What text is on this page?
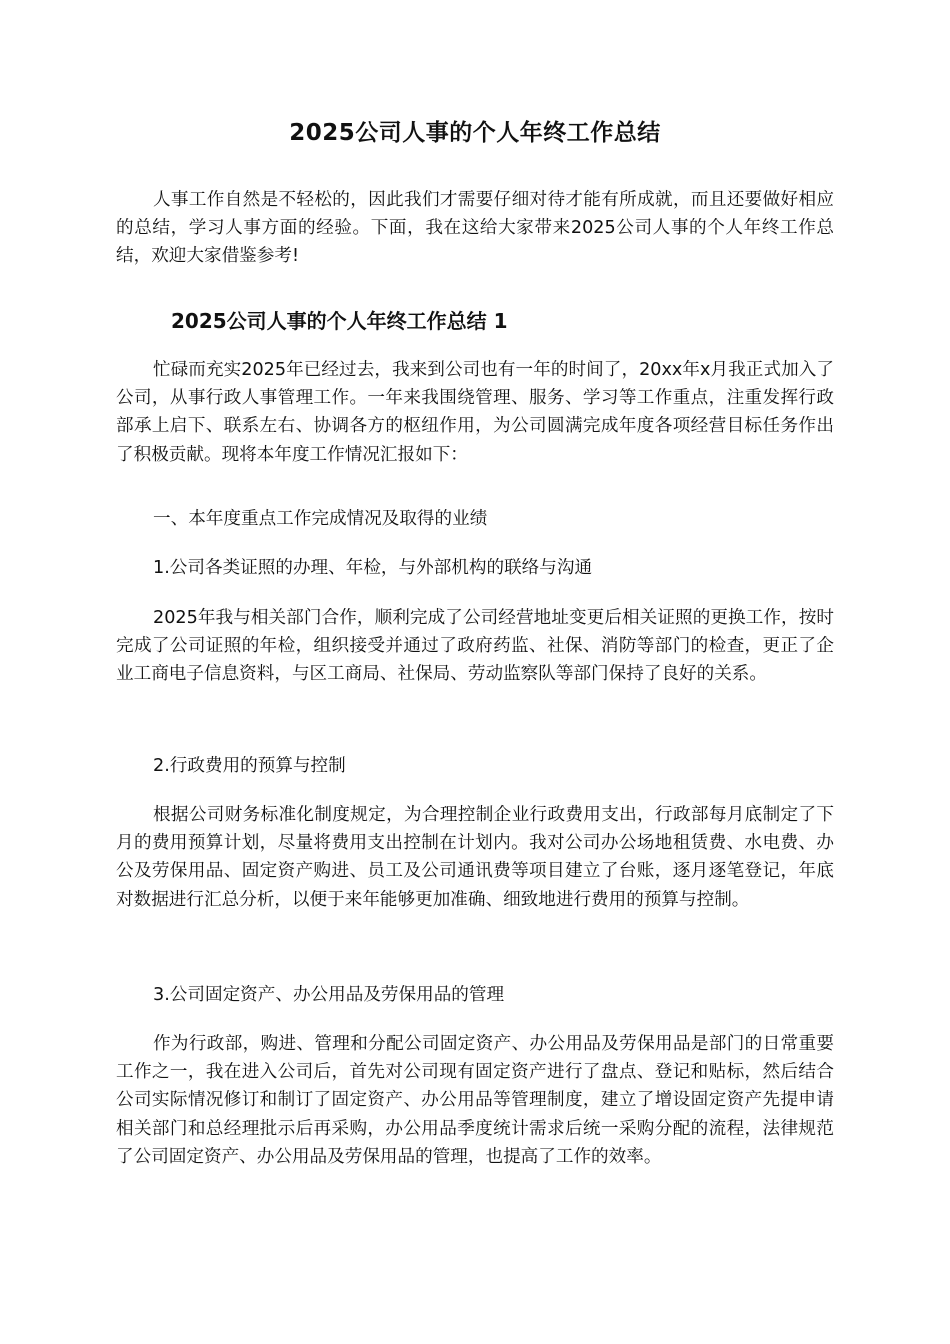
2025公司人事的个人年终工作总结

人事工作自然是不轻松的，因此我们才需要仔细对待才能有所成就，而且还要做好相应的总结，学习人事方面的经验。下面，我在这给大家带来2025公司人事的个人年终工作总结，欢迎大家借鉴参考!

2025公司人事的个人年终工作总结 1

忙碌而充实2025年已经过去，我来到公司也有一年的时间了，20xx年x月我正式加入了公司，从事行政人事管理工作。一年来我围绕管理、服务、学习等工作重点，注重发挥行政部承上启下、联系左右、协调各方的枢纽作用，为公司圆满完成年度各项经营目标任务作出了积极贡献。现将本年度工作情况汇报如下：

一、本年度重点工作完成情况及取得的业绩

1.公司各类证照的办理、年检，与外部机构的联络与沟通

2025年我与相关部门合作，顺利完成了公司经营地址变更后相关证照的更换工作，按时完成了公司证照的年检，组织接受并通过了政府药监、社保、消防等部门的检查，更正了企业工商电子信息资料，与区工商局、社保局、劳动监察队等部门保持了良好的关系。

2.行政费用的预算与控制

根据公司财务标准化制度规定，为合理控制企业行政费用支出，行政部每月底制定了下月的费用预算计划，尽量将费用支出控制在计划内。我对公司办公场地租赁费、水电费、办公及劳保用品、固定资产购进、员工及公司通讯费等项目建立了台账，逐月逐笔登记，年底对数据进行汇总分析，以便于来年能够更加准确、细致地进行费用的预算与控制。

3.公司固定资产、办公用品及劳保用品的管理

作为行政部，购进、管理和分配公司固定资产、办公用品及劳保用品是部门的日常重要工作之一，我在进入公司后，首先对公司现有固定资产进行了盘点、登记和贴标，然后结合公司实际情况修订和制订了固定资产、办公用品等管理制度，建立了增设固定资产先提申请相关部门和总经理批示后再采购，办公用品季度统计需求后统一采购分配的流程，法律规范了公司固定资产、办公用品及劳保用品的管理，也提高了工作的效率。
